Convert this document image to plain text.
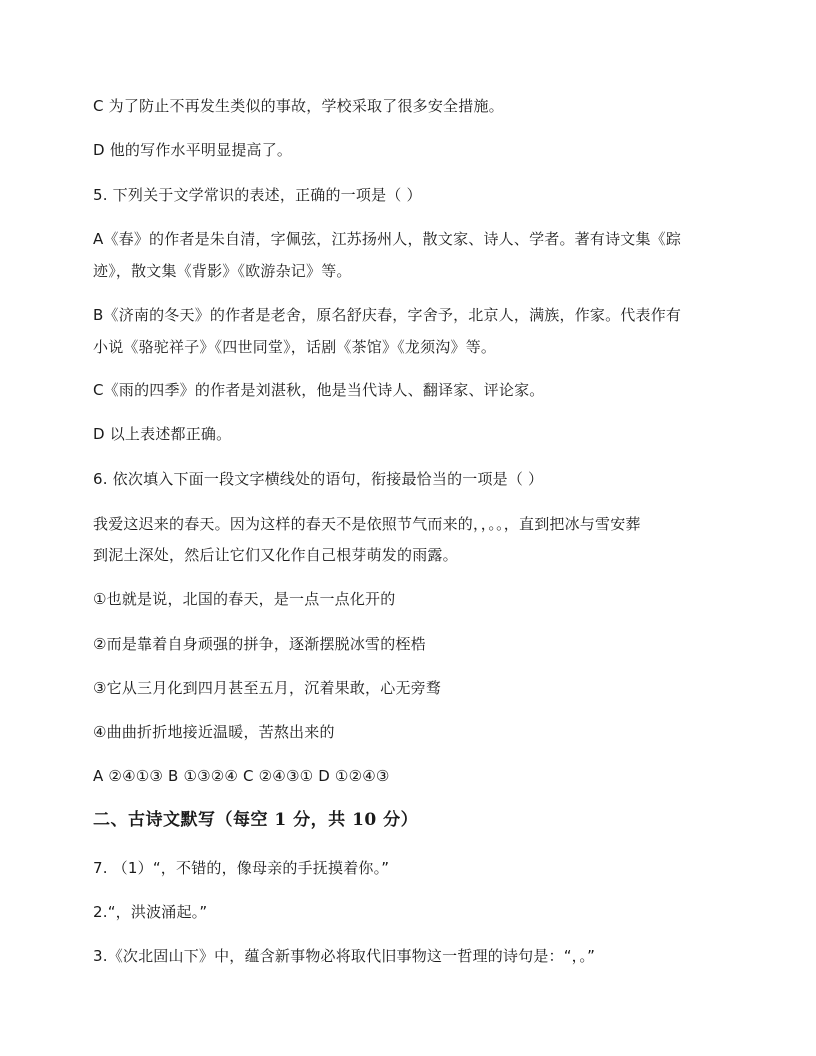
C 为了防止不再发生类似的事故，学校采取了很多安全措施。
D 他的写作水平明显提高了。
5. 下列关于文学常识的表述，正确的一项是（ ）
A《春》的作者是朱自清，字佩弦，江苏扬州人，散文家、诗人、学者。著有诗文集《踪
迹》，散文集《背影》《欧游杂记》等。
B《济南的冬天》的作者是老舍，原名舒庆春，字舍予，北京人，满族，作家。代表作有
小说《骆驼祥子》《四世同堂》，话剧《茶馆》《龙须沟》等。
C《雨的四季》的作者是刘湛秋，他是当代诗人、翻译家、评论家。
D 以上表述都正确。
6. 依次填入下面一段文字横线处的语句，衔接最恰当的一项是（ ）
我爱这迟来的春天。因为这样的春天不是依照节气而来的，，。。，直到把冰与雪安葬
到泥土深处，然后让它们又化作自己根芽萌发的雨露。
①也就是说，北国的春天，是一点一点化开的
②而是靠着自身顽强的拼争，逐渐摆脱冰雪的桎梏
③它从三月化到四月甚至五月，沉着果敢，心无旁骛
④曲曲折折地接近温暖，苦熬出来的
A ②④①③ B ①③②④ C ②④③① D ①②④③
二、古诗文默写（每空 1 分，共 10 分）
7. （1）“，不错的，像母亲的手抚摸着你。”
2.“，洪波涌起。”
3.《次北固山下》中，蕴含新事物必将取代旧事物这一哲理的诗句是：“，。”
